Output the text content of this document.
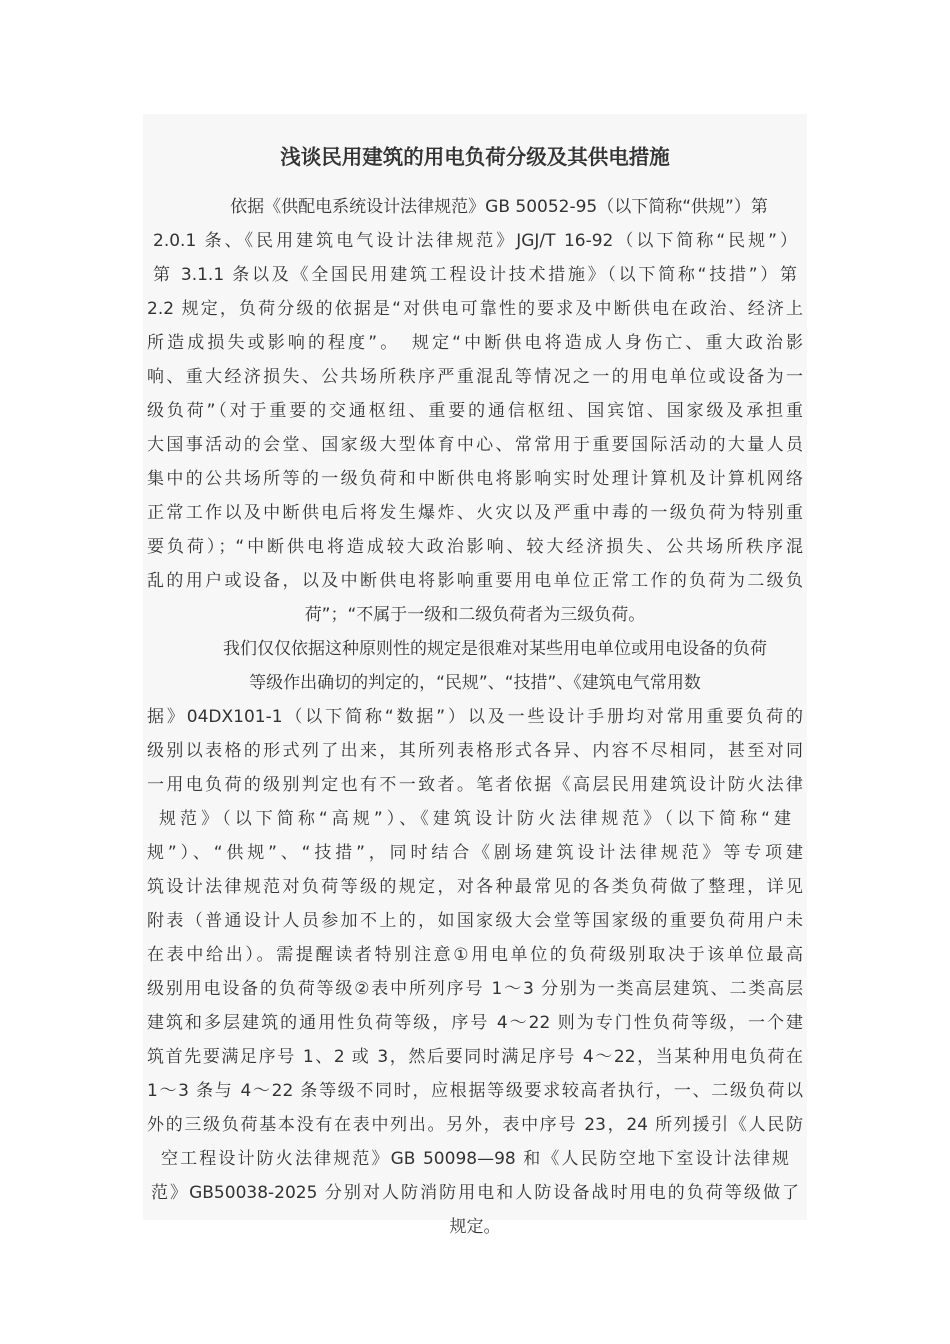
浅谈民用建筑的用电负荷分级及其供电措施

依据《供配电系统设计法律规范》GB 50052-95（以下简称“供规”）第

2.0.1 条、《民用建筑电气设计法律规范》JGJ/T 16-92（以下简称“民规”）

第 3.1.1 条以及《全国民用建筑工程设计技术措施》（以下简称“技措”）第

2.2 规定，负荷分级的依据是“对供电可靠性的要求及中断供电在政治、经济上

所造成损失或影响的程度”。　规定“中断供电将造成人身伤亡、重大政治影

响、重大经济损失、公共场所秩序严重混乱等情况之一的用电单位或设备为一

级负荷”（对于重要的交通枢纽、重要的通信枢纽、国宾馆、国家级及承担重

大国事活动的会堂、国家级大型体育中心、常常用于重要国际活动的大量人员

集中的公共场所等的一级负荷和中断供电将影响实时处理计算机及计算机网络

正常工作以及中断供电后将发生爆炸、火灾以及严重中毒的一级负荷为特别重

要负荷）；“中断供电将造成较大政治影响、较大经济损失、公共场所秩序混

乱的用户或设备，以及中断供电将影响重要用电单位正常工作的负荷为二级负

荷”；“不属于一级和二级负荷者为三级负荷。

我们仅仅依据这种原则性的规定是很难对某些用电单位或用电设备的负荷

等级作出确切的判定的，“民规”、“技措”、《建筑电气常用数

据》04DX101-1（以下简称“数据”）以及一些设计手册均对常用重要负荷的

级别以表格的形式列了出来，其所列表格形式各异、内容不尽相同，甚至对同

一用电负荷的级别判定也有不一致者。笔者依据《高层民用建筑设计防火法律

规范》（以下简称“高规”）、《建筑设计防火法律规范》（以下简称“建

规”）、“供规”、“技措”，同时结合《剧场建筑设计法律规范》等专项建

筑设计法律规范对负荷等级的规定，对各种最常见的各类负荷做了整理，详见

附表（普通设计人员参加不上的，如国家级大会堂等国家级的重要负荷用户未

在表中给出）。需提醒读者特别注意①用电单位的负荷级别取决于该单位最高

级别用电设备的负荷等级②表中所列序号 1～3 分别为一类高层建筑、二类高层

建筑和多层建筑的通用性负荷等级，序号 4～22 则为专门性负荷等级，一个建

筑首先要满足序号 1、2 或 3，然后要同时满足序号 4～22，当某种用电负荷在

1～3 条与 4～22 条等级不同时，应根据等级要求较高者执行，一、二级负荷以

外的三级负荷基本没有在表中列出。另外，表中序号 23，24 所列援引《人民防

空工程设计防火法律规范》GB 50098—98 和《人民防空地下室设计法律规

范》GB50038-2025 分别对人防消防用电和人防设备战时用电的负荷等级做了

规定。
